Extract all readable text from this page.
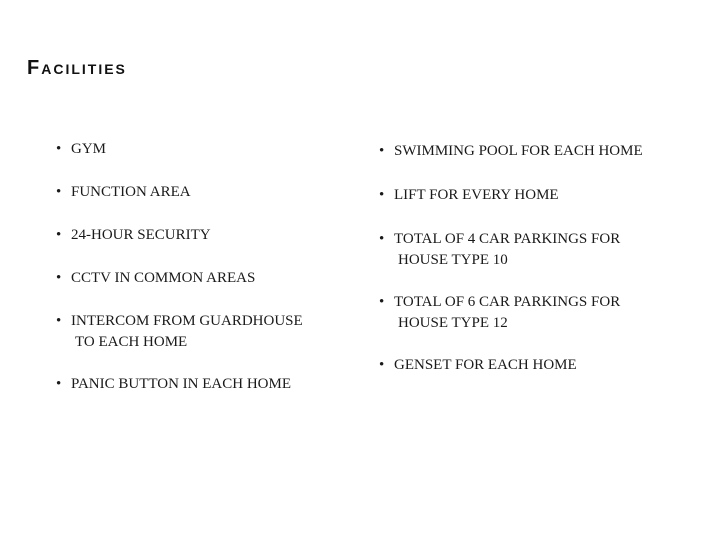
Facilities
• GYM
• FUNCTION AREA
• 24-HOUR SECURITY
• CCTV IN COMMON AREAS
• INTERCOM FROM GUARDHOUSE
TO EACH HOME
• PANIC BUTTON IN EACH HOME
• SWIMMING POOL FOR EACH HOME
• LIFT FOR EVERY HOME
• TOTAL OF 4 CAR PARKINGS FOR
HOUSE TYPE 10
• TOTAL OF 6 CAR PARKINGS FOR
HOUSE TYPE 12
• GENSET FOR EACH HOME
